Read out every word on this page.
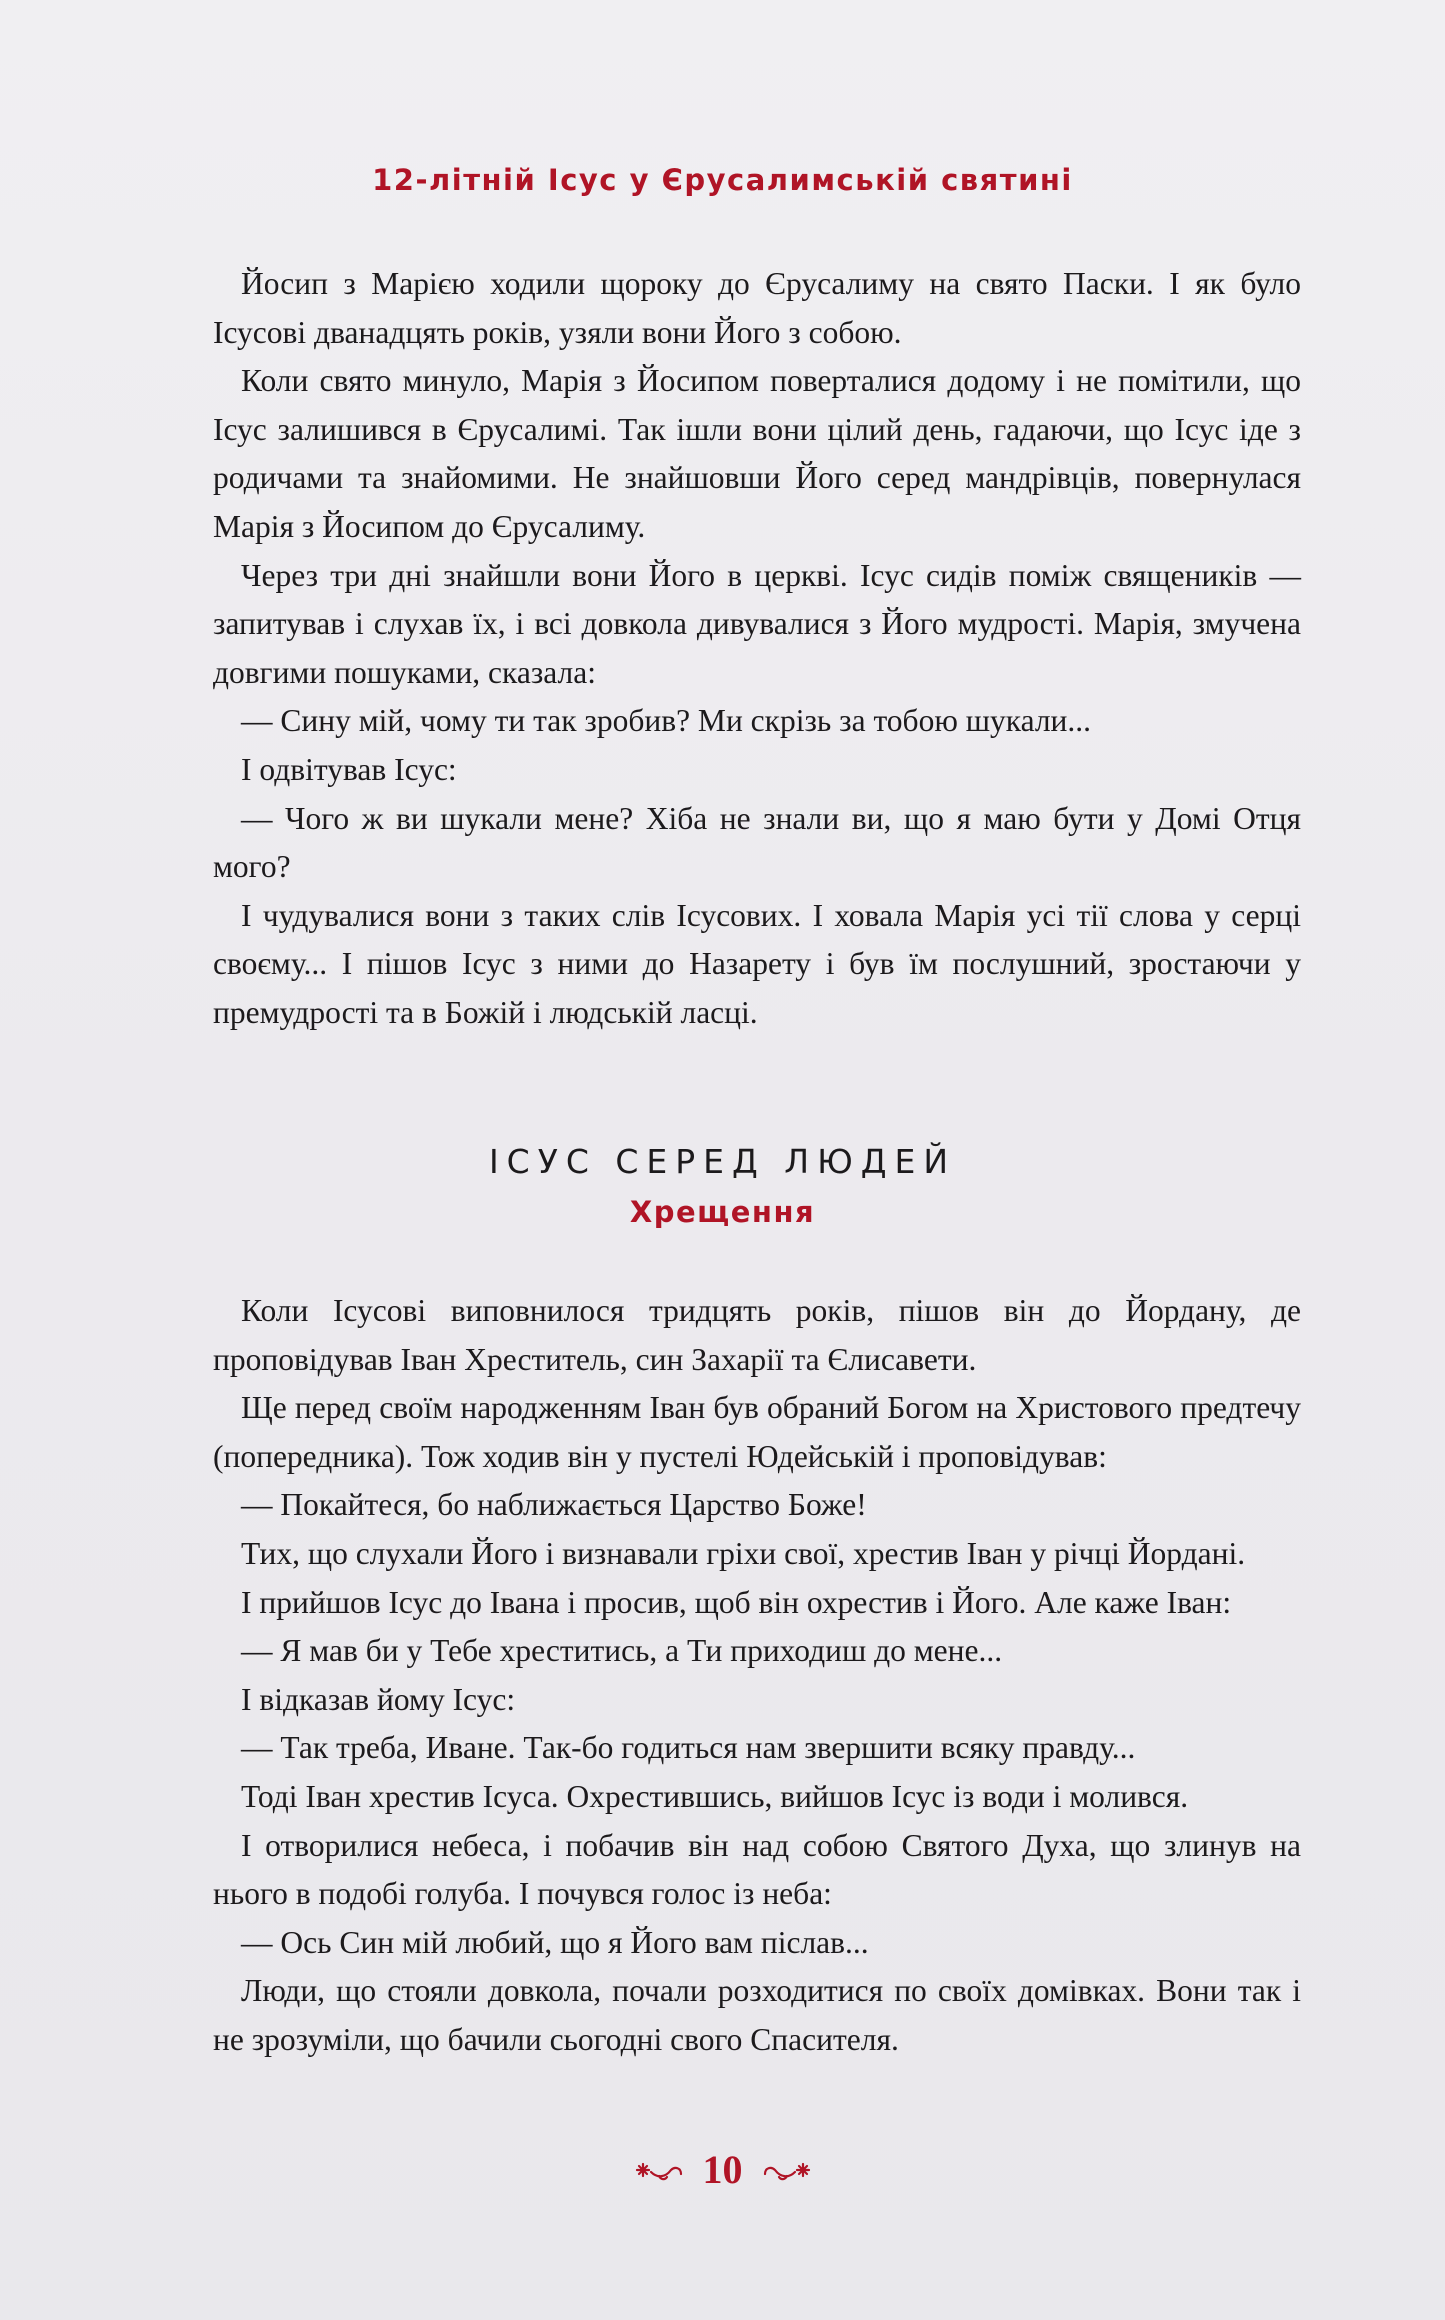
12-літній Ісус у Єрусалимській святині

Йосип з Марією ходили щороку до Єрусалиму на свято Паски. І як було Ісусові дванадцять років, узяли вони Його з собою.

Коли свято минуло, Марія з Йосипом поверталися додому і не помітили, що Ісус залишився в Єрусалимі. Так ішли вони цілий день, гадаючи, що Ісус іде з родичами та знайомими. Не знайшовши Його серед мандрівців, повернулася Марія з Йосипом до Єрусалиму.

Через три дні знайшли вони Його в церкві. Ісус сидів поміж священиків — запитував і слухав їх, і всі довкола дивувалися з Його мудрості. Марія, змучена довгими пошуками, сказала:

— Сину мій, чому ти так зробив? Ми скрізь за тобою шукали...

І одвітував Ісус:

— Чого ж ви шукали мене? Хіба не знали ви, що я маю бути у Домі Отця мого?

І чудувалися вони з таких слів Ісусових. І ховала Марія усі тії слова у серці своєму... І пішов Ісус з ними до Назарету і був їм послушний, зростаючи у премудрості та в Божій і людській ласці.

ІСУС СЕРЕД ЛЮДЕЙ
Хрещення

Коли Ісусові виповнилося тридцять років, пішов він до Йордану, де проповідував Іван Хреститель, син Захарії та Єлисавети.

Ще перед своїм народженням Іван був обраний Богом на Христового предтечу (попередника). Тож ходив він у пустелі Юдейській і проповідував:

— Покайтеся, бо наближається Царство Боже!

Тих, що слухали Його і визнавали гріхи свої, хрестив Іван у річці Йордані.

І прийшов Ісус до Івана і просив, щоб він охрестив і Його. Але каже Іван:

— Я мав би у Тебе хреститись, а Ти приходиш до мене...

І відказав йому Ісус:

— Так треба, Иване. Так-бо годиться нам звершити всяку правду...

Тоді Іван хрестив Ісуса. Охрестившись, вийшов Ісус із води і молився.

І отворилися небеса, і побачив він над собою Святого Духа, що злинув на нього в подобі голуба. І почувся голос із неба:

— Ось Син мій любий, що я Його вам післав...

Люди, що стояли довкола, почали розходитися по своїх домівках. Вони так і не зрозуміли, що бачили сьогодні свого Спасителя.

10
